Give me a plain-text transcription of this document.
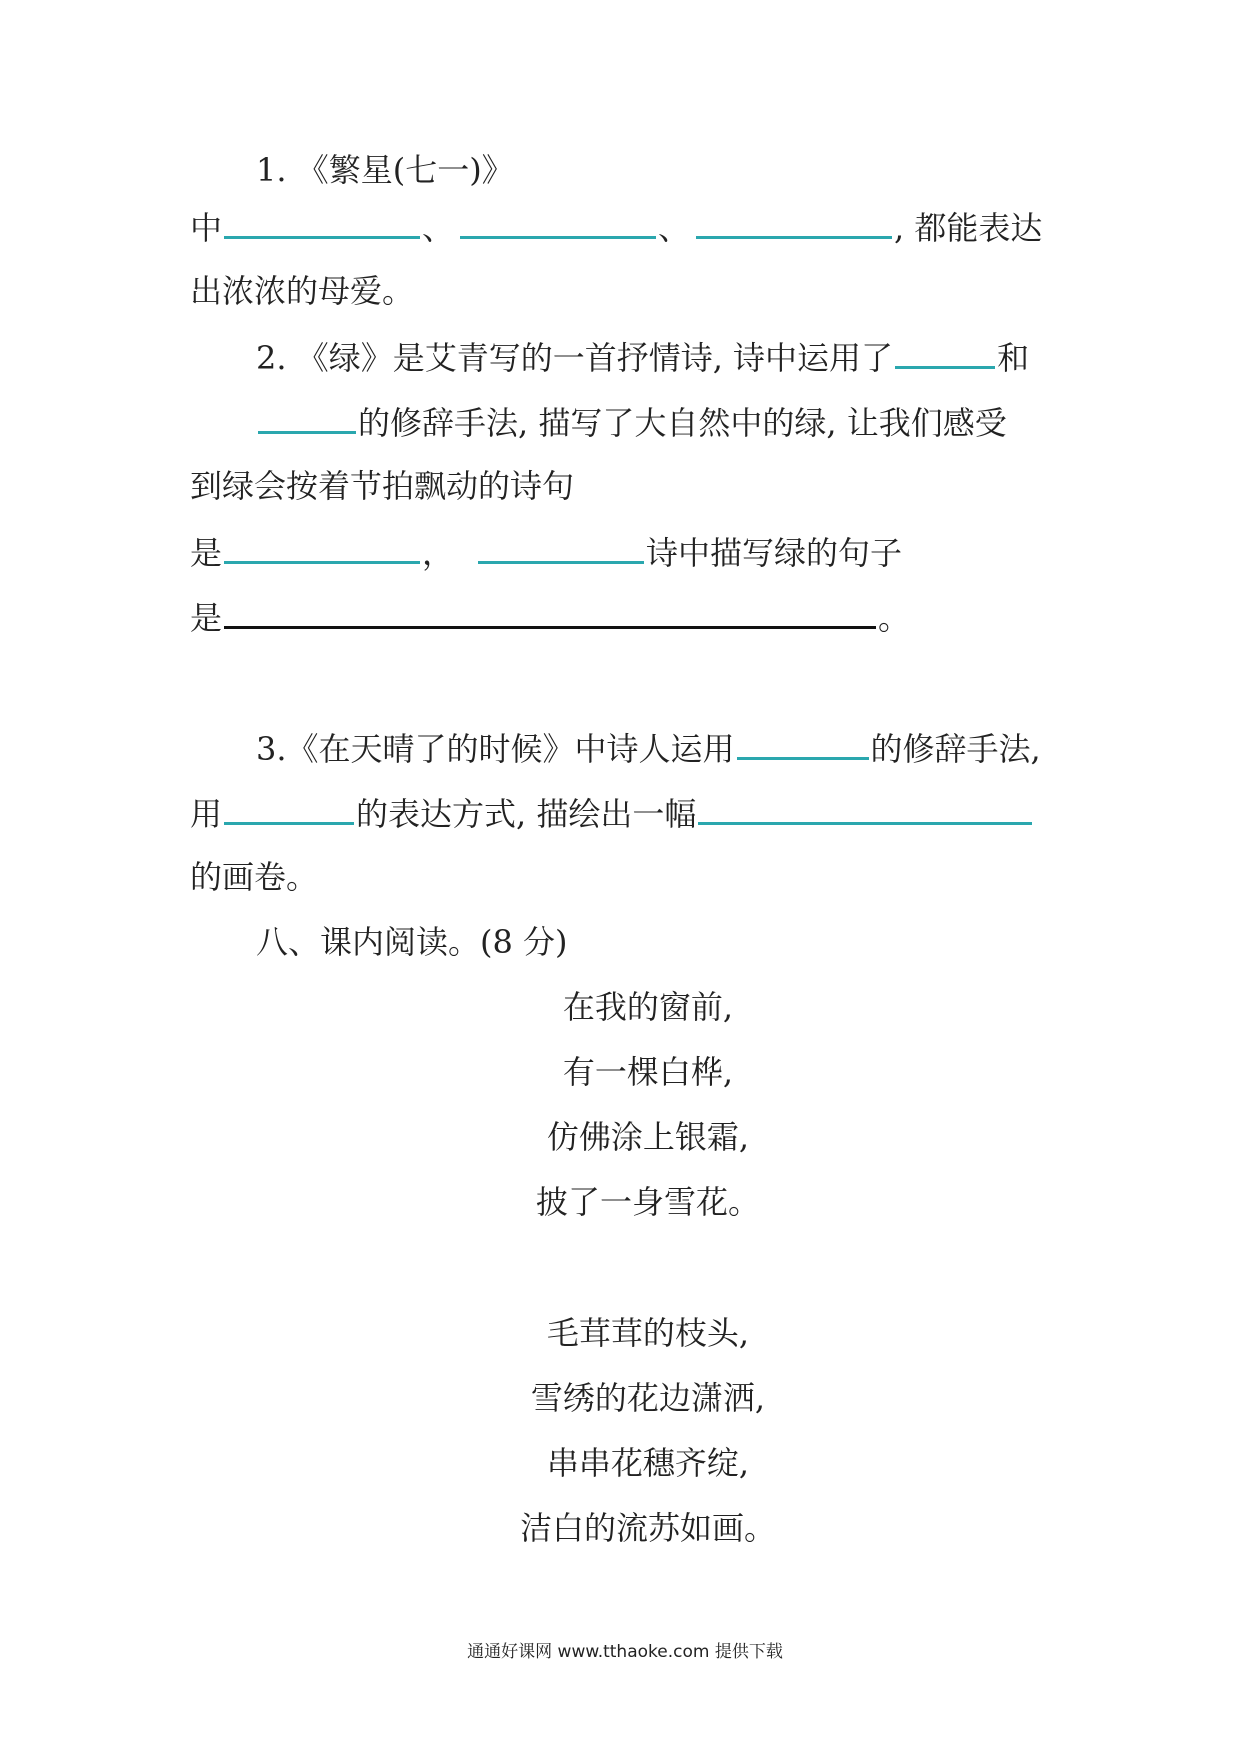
1. 《繁星(七一)》
中	、	、	, 都能表达
出浓浓的母爱。
2. 《绿》是艾青写的一首抒情诗, 诗中运用了	和
的修辞手法, 描写了大自然中的绿, 让我们感受
到绿会按着节拍飘动的诗句
是	，	诗中描写绿的句子
是	。
3.《在天晴了的时候》中诗人运用	的修辞手法,
用	的表达方式, 描绘出一幅
的画卷。
八、课内阅读。(8 分)
在我的窗前,
有一棵白桦,
仿佛涂上银霜,
披了一身雪花。
毛茸茸的枝头,
雪绣的花边潇洒,
串串花穗齐绽,
洁白的流苏如画。
通通好课网 www.tthaoke.com 提供下载
